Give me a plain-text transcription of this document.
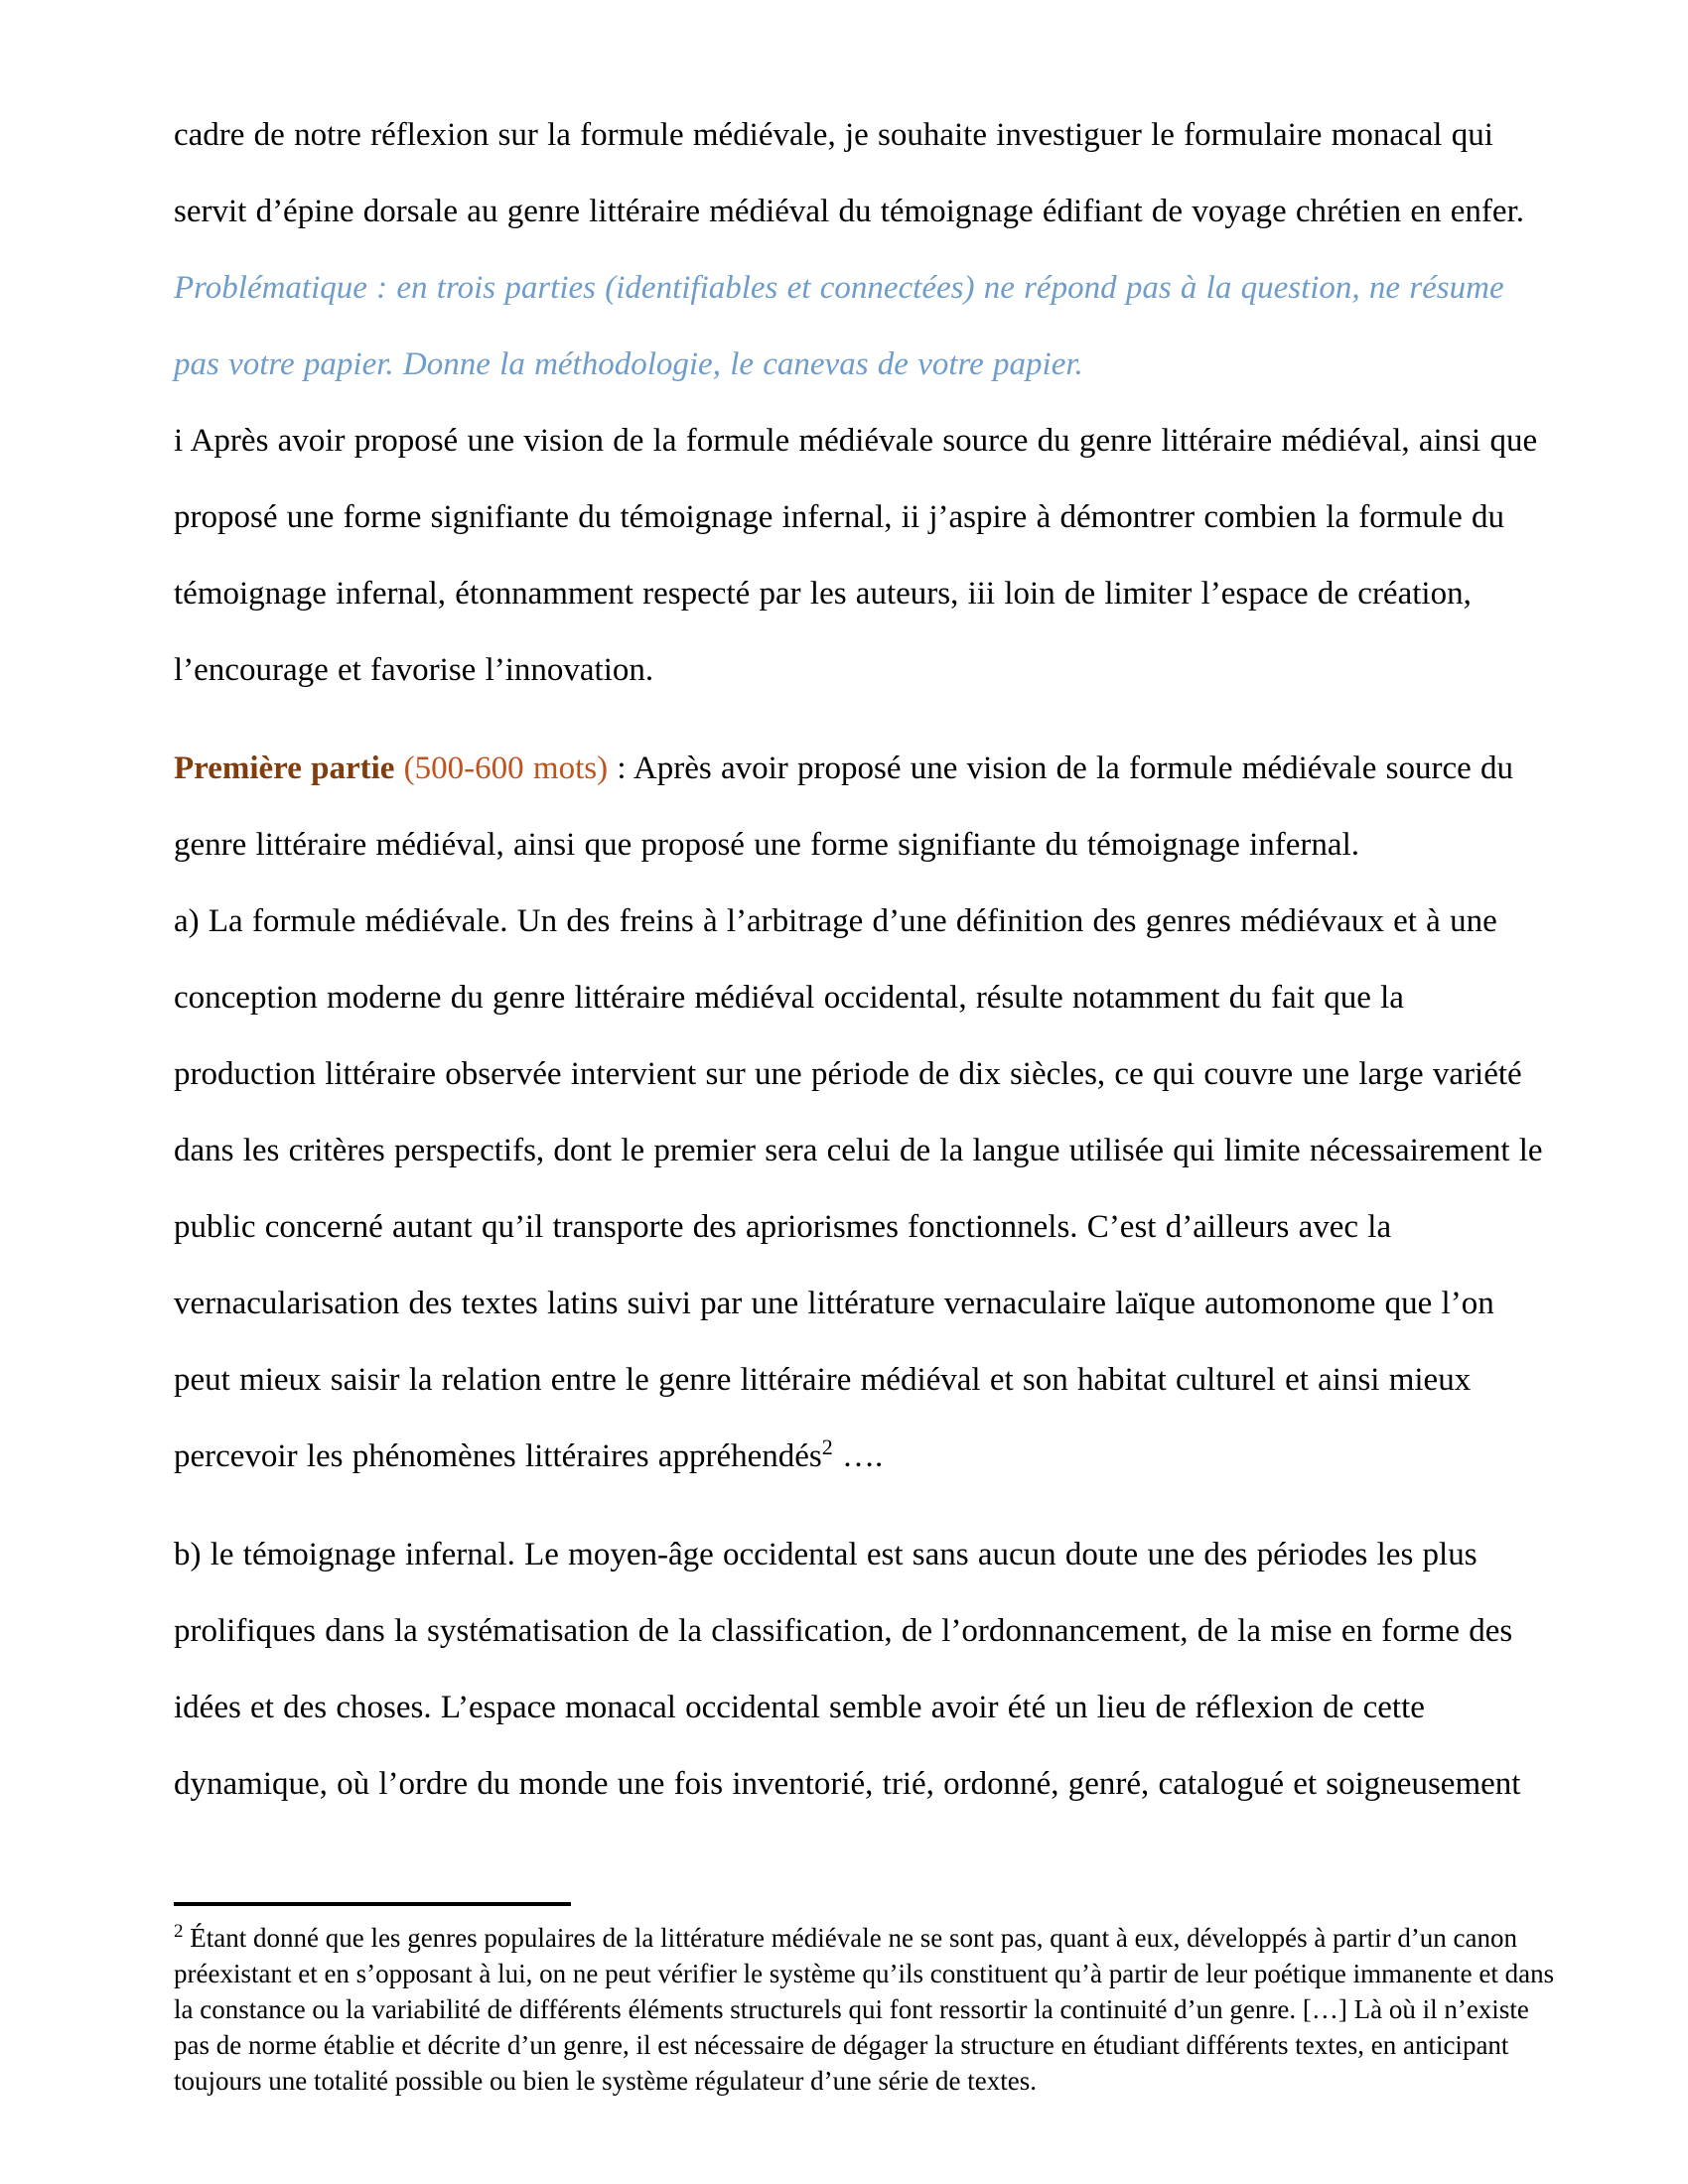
cadre de notre réflexion sur la formule médiévale, je souhaite investiguer le formulaire monacal qui servit d’épine dorsale au genre littéraire médiéval du témoignage édifiant de voyage chrétien en enfer.

Problématique : en trois parties (identifiables et connectées) ne répond pas à la question, ne résume pas votre papier. Donne la méthodologie, le canevas de votre papier.

i Après avoir proposé une vision de la formule médiévale source du genre littéraire médiéval, ainsi que proposé une forme signifiante du témoignage infernal, ii j’aspire à démontrer combien la formule du témoignage infernal, étonnamment respecté par les auteurs, iii loin de limiter l’espace de création, l’encourage et favorise l’innovation.

Première partie (500-600 mots) : Après avoir proposé une vision de la formule médiévale source du genre littéraire médiéval, ainsi que proposé une forme signifiante du témoignage infernal.

a) La formule médiévale. Un des freins à l’arbitrage d’une définition des genres médiévaux et à une conception moderne du genre littéraire médiéval occidental, résulte notamment du fait que la production littéraire observée intervient sur une période de dix siècles, ce qui couvre une large variété dans les critères perspectifs, dont le premier sera celui de la langue utilisée qui limite nécessairement le public concerné autant qu’il transporte des apriorismes fonctionnels. C’est d’ailleurs avec la vernacularisation des textes latins suivi par une littérature vernaculaire laïque automonome que l’on peut mieux saisir la relation entre le genre littéraire médiéval et son habitat culturel et ainsi mieux percevoir les phénomènes littéraires appréhendés$^2$ ….

b) le témoignage infernal. Le moyen-âge occidental est sans aucun doute une des périodes les plus prolifiques dans la systématisation de la classification, de l’ordonnancement, de la mise en forme des idées et des choses. L’espace monacal occidental semble avoir été un lieu de réflexion de cette dynamique, où l’ordre du monde une fois inventorié, trié, ordonné, genré, catalogué et soigneusement

$^2$ Étant donné que les genres populaires de la littérature médiévale ne se sont pas, quant à eux, développés à partir d’un canon préexistant et en s’opposant à lui, on ne peut vérifier le système qu’ils constituent qu’à partir de leur poétique immanente et dans la constance ou la variabilité de différents éléments structurels qui font ressortir la continuité d’un genre. […] Là où il n’existe pas de norme établie et décrite d’un genre, il est nécessaire de dégager la structure en étudiant différents textes, en anticipant toujours une totalité possible ou bien le système régulateur d’une série de textes.
